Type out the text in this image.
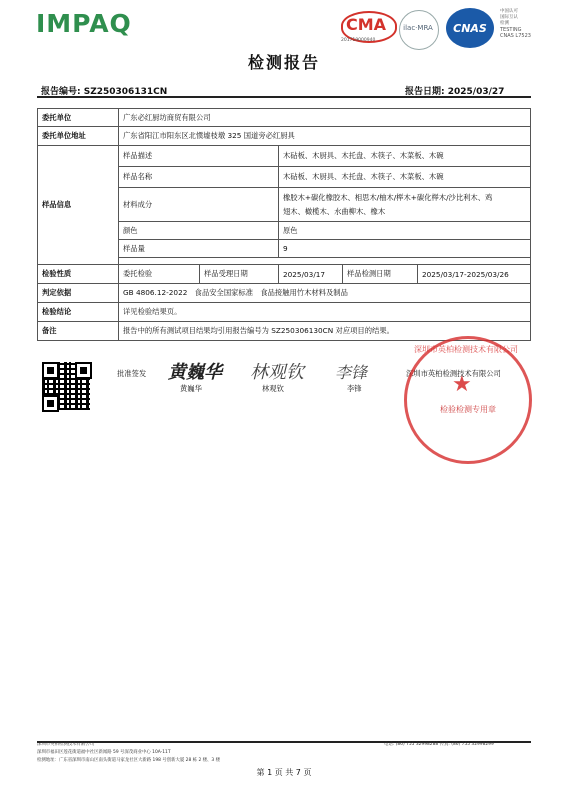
IMPAQ	CMA
201719000940
ilac·MRA	CNAS
中国认可
国际互认
检测
TESTING
CNAS L7523
检测报告
报告编号: SZ250306131CN	报告日期: 2025/03/27
委托单位	广东必红厨坊商贸有限公司				
委托单位地址	广东省阳江市阳东区北惯墟枝墩 325 国道旁必红厨具				
样品信息	样品描述		木砧板、木厨具、木托盘、木筷子、木菜板、木碗		
	样品名称		木砧板、木厨具、木托盘、木筷子、木菜板、木碗		
	材料成分		橡胶木+碳化橡胶木、相思木/柚木/榉木+碳化榉木/沙比利木、鸡
翅木、橄榄木、水曲柳木、橡木		

	颜色		原色		
	样品量		9		

检验性质	委托检验	样品受理日期	2025/03/17	样品检测日期	2025/03/17-2025/03/26
判定依据	GB 4806.12-2022　食品安全国家标准　食品接触用竹木材料及制品				
检验结论	详见检验结果页。				
备注	报告中的所有测试项目结果均引用报告编号为 SZ250306130CN 对应项目的结果。				
批准签发 黄巍华
黄巍华
林观钦
林观钦
李锋
李锋
深圳市英柏检测技术有限公司
深圳市英柏检测技术有限公司
★
检验检测专用章
深圳市英柏检测技术有限公司
深圳市福田区莲花街道福中社区新闻路 59 号深茂商业中心 10A-11T
检测地址：广东省深圳市南山区南头街道马家龙社区大新路 198 号创新大厦 28 栋 2 楼、3 楼
电话: (86) 755 32998288 传真: (86) 755 32998299
第 1 页 共 7 页
